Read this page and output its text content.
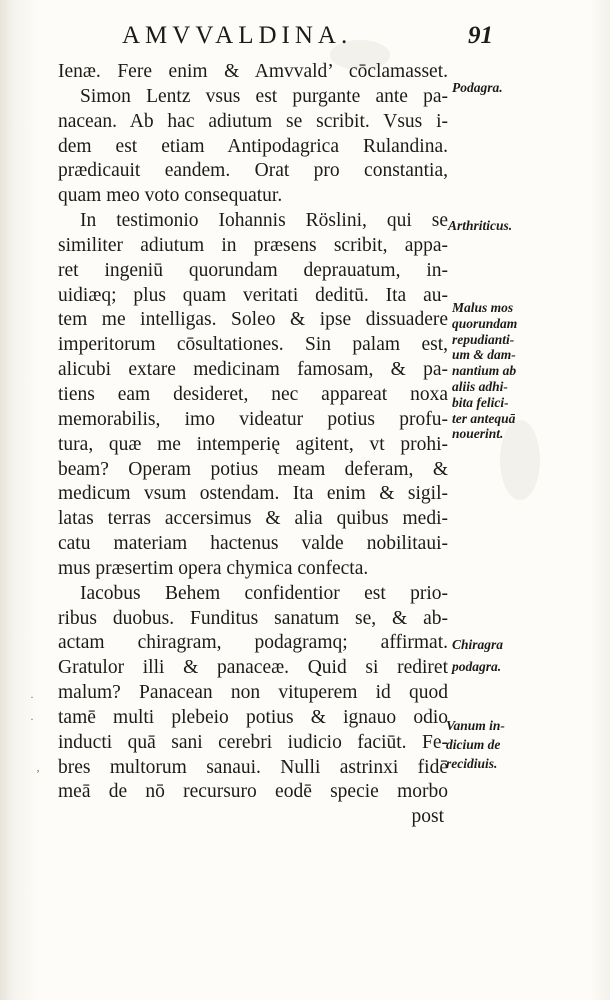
·
·
‚
AMVVALDINA.	91
Ienæ. Fere enim & Amvvald’ cōclamasset.
Simon Lentz vsus est purgante ante pa-
nacean. Ab hac adiutum se scribit. Vsus i-
dem est etiam Antipodagrica Rulandina.
prædicauit eandem. Orat pro constantia,
quam meo voto consequatur.
In testimonio Iohannis Röslini, qui se
similiter adiutum in præsens scribit, appa-
ret ingeniū quorundam deprauatum, in-
uidiæq; plus quam veritati deditū. Ita au-
tem me intelligas. Soleo & ipse dissuadere
imperitorum cōsultationes. Sin palam est,
alicubi extare medicinam famosam, & pa-
tiens eam desideret, nec appareat noxa
memorabilis, imo videatur potius profu-
tura, quæ me intemperię agitent, vt prohi-
beam? Operam potius meam deferam, &
medicum vsum ostendam. Ita enim & sigil-
latas terras accersimus & alia quibus medi-
catu materiam hactenus valde nobilitaui-
mus præsertim opera chymica confecta.
Iacobus Behem confidentior est prio-
ribus duobus. Funditus sanatum se, & ab-
actam chiragram, podagramq; affirmat.
Gratulor illi & panaceæ. Quid si rediret
malum? Panacean non vituperem id quod
tamē multi plebeio potius & ignauo odio
inducti quā sani cerebri iudicio faciūt. Fe-
bres multorum sanaui. Nulli astrinxi fidē
meā de nō recursuro eodē specie morbo
post
Podagra.
Arthriticus.
Malus mos
quorundam
repudianti-
um & dam-
nantium ab
aliis adhi-
bita felici-
ter antequā
nouerint.
Chiragra
podagra.
Vanum in-
dicium de
recidiuis.
